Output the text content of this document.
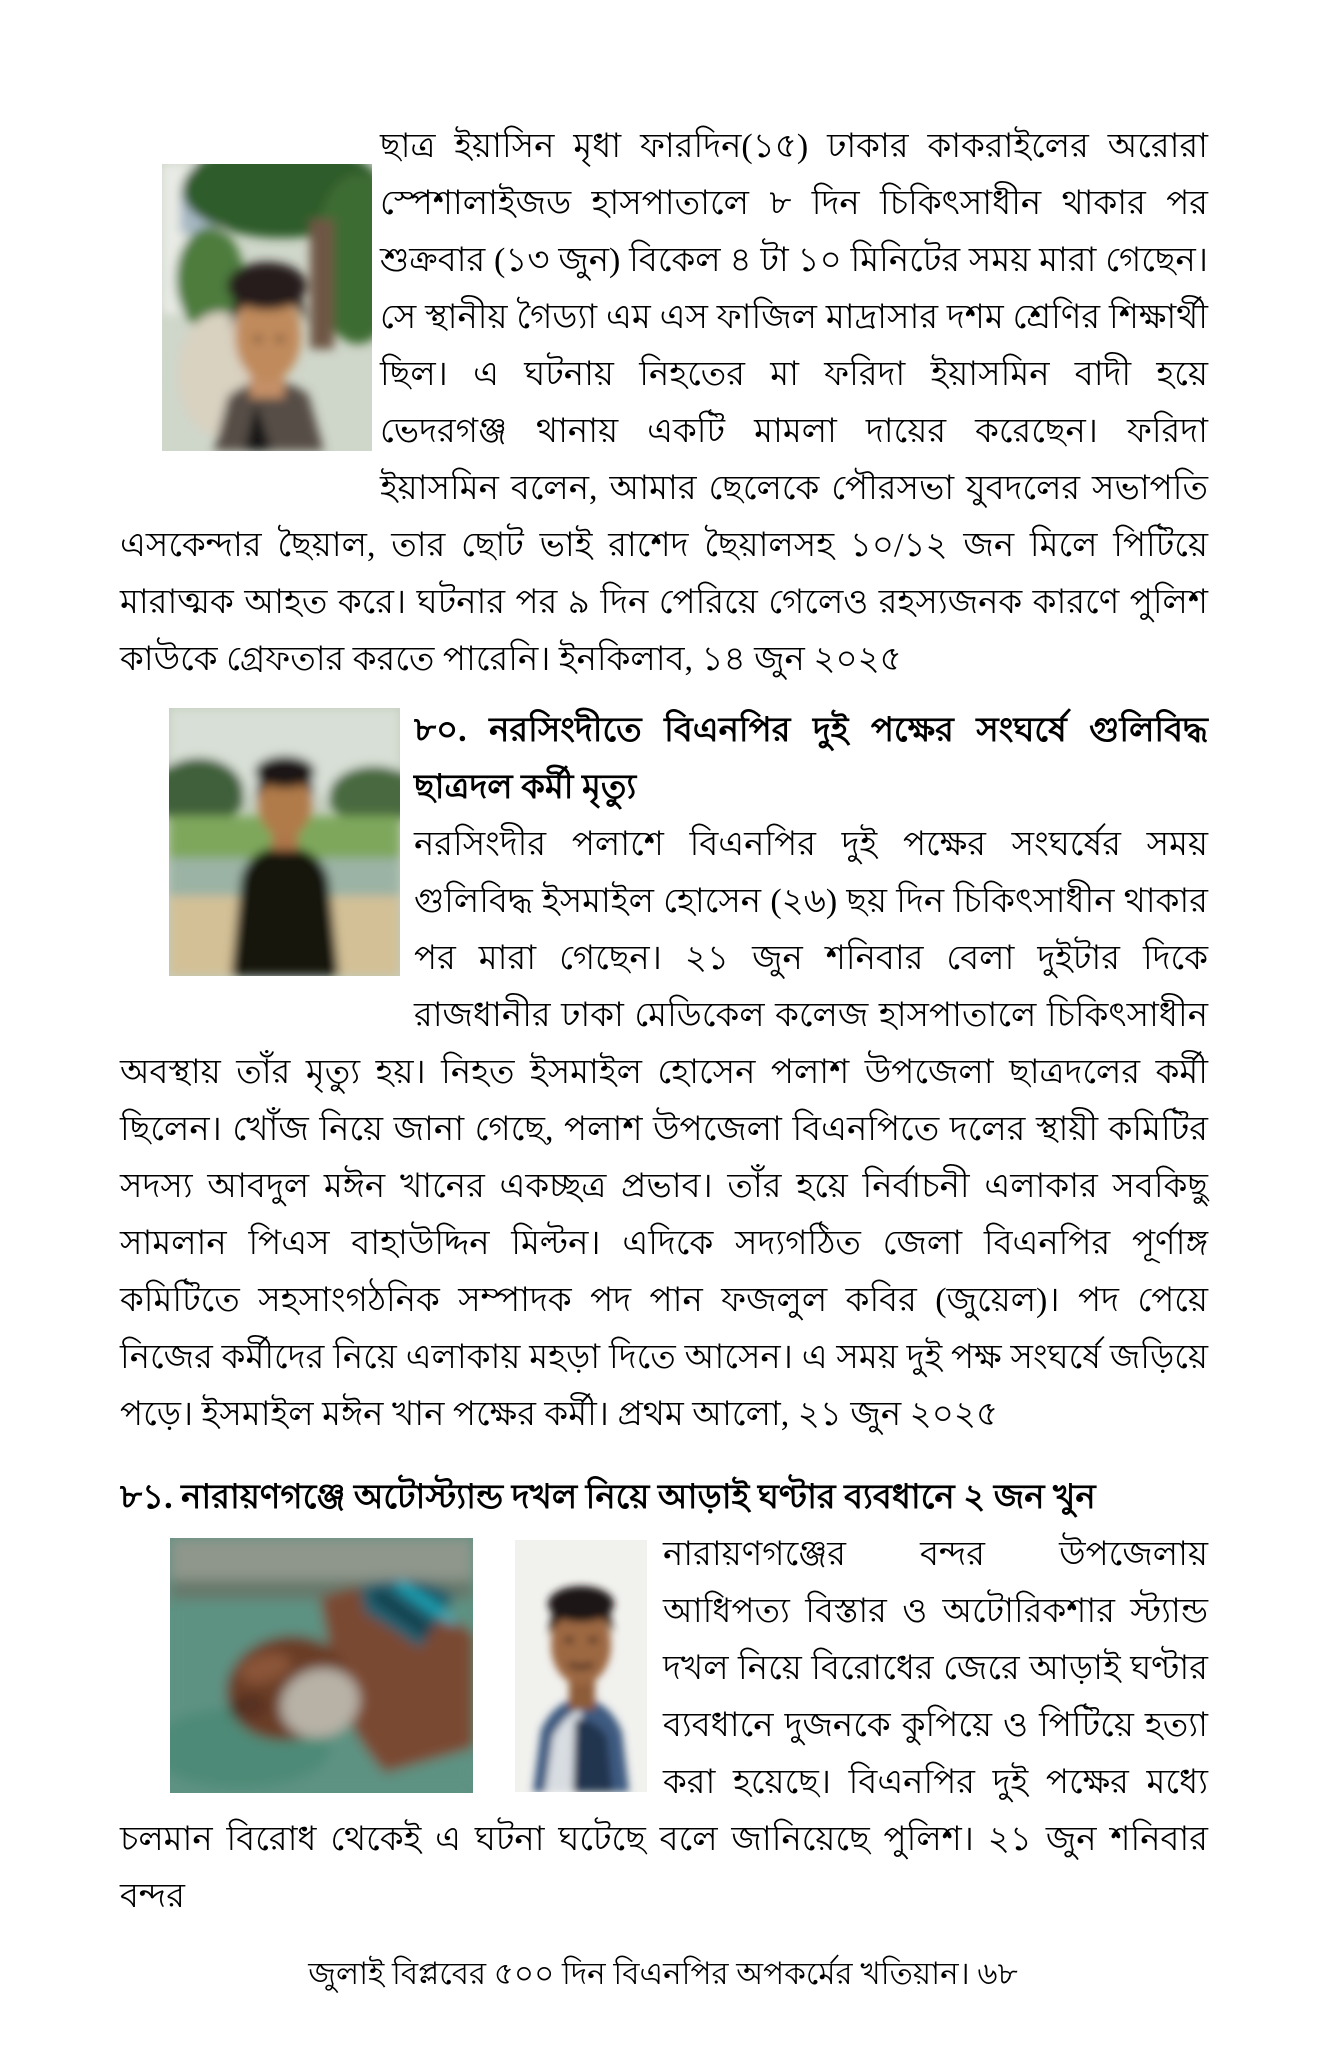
ছাত্র ইয়াসিন মৃধা ফারদিন(১৫) ঢাকার কাকরাইলের অরোরা স্পেশালাইজড হাসপাতালে ৮ দিন চিকিৎসাধীন থাকার পর শুক্রবার (১৩ জুন) বিকেল ৪ টা ১০ মিনিটের সময় মারা গেছেন। সে স্থানীয় গৈড্যা এম এস ফাজিল মাদ্রাসার দশম শ্রেণির শিক্ষার্থী ছিল। এ ঘটনায় নিহতের মা ফরিদা ইয়াসমিন বাদী হয়ে ভেদরগঞ্জ থানায় একটি মামলা দায়ের করেছেন। ফরিদা ইয়াসমিন বলেন, আমার ছেলেকে পৌরসভা যুবদলের সভাপতি এসকেন্দার ছৈয়াল, তার ছোট ভাই রাশেদ ছৈয়ালসহ ১০/১২ জন মিলে পিটিয়ে মারাত্মক আহত করে। ঘটনার পর ৯ দিন পেরিয়ে গেলেও রহস্যজনক কারণে পুলিশ কাউকে গ্রেফতার করতে পারেনি। ইনকিলাব, ১৪ জুন ২০২৫
৮০. নরসিংদীতে বিএনপির দুই পক্ষের সংঘর্ষে গুলিবিদ্ধ ছাত্রদল কর্মী মৃত্যু
নরসিংদীর পলাশে বিএনপির দুই পক্ষের সংঘর্ষের সময় গুলিবিদ্ধ ইসমাইল হোসেন (২৬) ছয় দিন চিকিৎসাধীন থাকার পর মারা গেছেন। ২১ জুন শনিবার বেলা দুইটার দিকে রাজধানীর ঢাকা মেডিকেল কলেজ হাসপাতালে চিকিৎসাধীন অবস্থায় তাঁর মৃত্যু হয়। নিহত ইসমাইল হোসেন পলাশ উপজেলা ছাত্রদলের কর্মী ছিলেন। খোঁজ নিয়ে জানা গেছে, পলাশ উপজেলা বিএনপিতে দলের স্থায়ী কমিটির সদস্য আবদুল মঈন খানের একচ্ছত্র প্রভাব। তাঁর হয়ে নির্বাচনী এলাকার সবকিছু সামলান পিএস বাহাউদ্দিন মিল্টন। এদিকে সদ্যগঠিত জেলা বিএনপির পূর্ণাঙ্গ কমিটিতে সহসাংগঠনিক সম্পাদক পদ পান ফজলুল কবির (জুয়েল)। পদ পেয়ে নিজের কর্মীদের নিয়ে এলাকায় মহড়া দিতে আসেন। এ সময় দুই পক্ষ সংঘর্ষে জড়িয়ে পড়ে। ইসমাইল মঈন খান পক্ষের কর্মী। প্রথম আলো, ২১ জুন ২০২৫
৮১. নারায়ণগঞ্জে অটোস্ট্যান্ড দখল নিয়ে আড়াই ঘণ্টার ব্যবধানে ২ জন খুন
নারায়ণগঞ্জের বন্দর উপজেলায় আধিপত্য বিস্তার ও অটোরিকশার স্ট্যান্ড দখল নিয়ে বিরোধের জেরে আড়াই ঘণ্টার ব্যবধানে দুজনকে কুপিয়ে ও পিটিয়ে হত্যা করা হয়েছে। বিএনপির দুই পক্ষের মধ্যে চলমান বিরোধ থেকেই এ ঘটনা ঘটেছে বলে জানিয়েছে পুলিশ। ২১ জুন শনিবার বন্দর
জুলাই বিপ্লবের ৫০০ দিন বিএনপির অপকর্মের খতিয়ান। ৬৮
